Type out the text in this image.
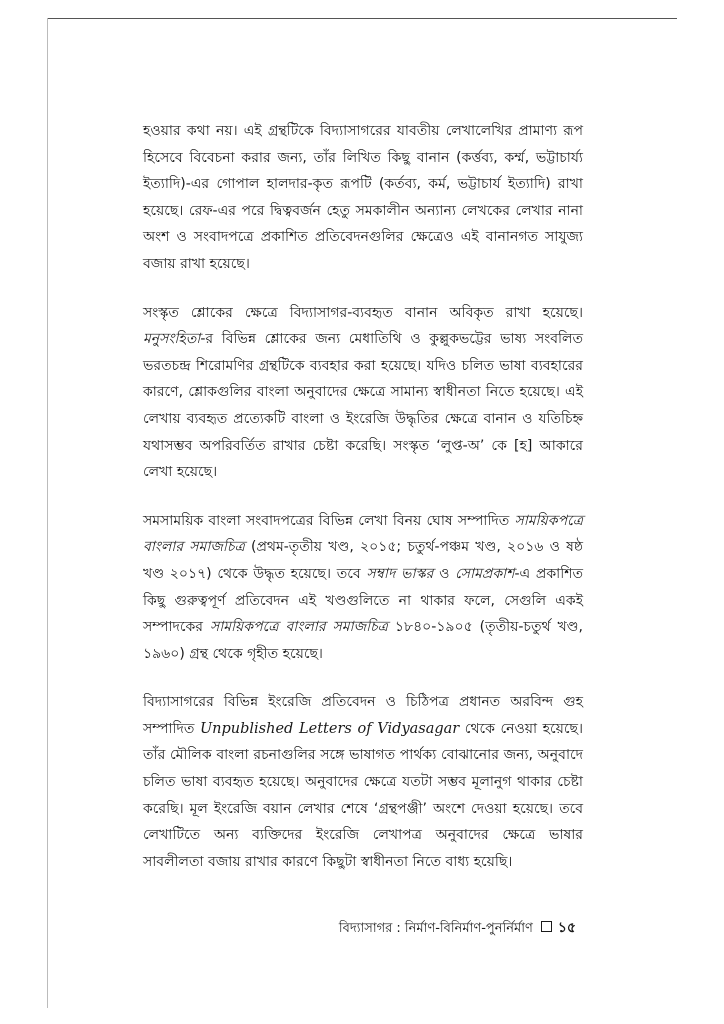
হওয়ার কথা নয়। এই গ্রন্থটিকে বিদ্যাসাগরের যাবতীয় লেখালেখির প্রামাণ্য রূপ হিসেবে বিবেচনা করার জন্য, তাঁর লিখিত কিছু বানান (কর্ত্তব্য, কর্ম্ম, ভট্টাচার্য্য ইত্যাদি)-এর গোপাল হালদার-কৃত রূপটি (কর্তব্য, কর্ম, ভট্টাচার্য ইত্যাদি) রাখা হয়েছে। রেফ-এর পরে দ্বিত্ববর্জন হেতু সমকালীন অন্যান্য লেখকের লেখার নানা অংশ ও সংবাদপত্রে প্রকাশিত প্রতিবেদনগুলির ক্ষেত্রেও এই বানানগত সাযুজ্য বজায় রাখা হয়েছে।

সংস্কৃত শ্লোকের ক্ষেত্রে বিদ্যাসাগর-ব্যবহৃত বানান অবিকৃত রাখা হয়েছে। মনুসংহিতা-র বিভিন্ন শ্লোকের জন্য মেধাতিথি ও কুল্লুকভট্টের ভাষ্য সংবলিত ভরতচন্দ্র শিরোমণির গ্রন্থটিকে ব্যবহার করা হয়েছে। যদিও চলিত ভাষা ব্যবহারের কারণে, শ্লোকগুলির বাংলা অনুবাদের ক্ষেত্রে সামান্য স্বাধীনতা নিতে হয়েছে। এই লেখায় ব্যবহৃত প্রত্যেকটি বাংলা ও ইংরেজি উদ্ধৃতির ক্ষেত্রে বানান ও যতিচিহ্ন যথাসম্ভব অপরিবর্তিত রাখার চেষ্টা করেছি। সংস্কৃত ‘লুপ্ত-অ’ কে [হ] আকারে লেখা হয়েছে।

সমসাময়িক বাংলা সংবাদপত্রের বিভিন্ন লেখা বিনয় ঘোষ সম্পাদিত সাময়িকপত্রে বাংলার সমাজচিত্র (প্রথম-তৃতীয় খণ্ড, ২০১৫; চতুর্থ-পঞ্চম খণ্ড, ২০১৬ ও ষষ্ঠ খণ্ড ২০১৭) থেকে উদ্ধৃত হয়েছে। তবে সম্বাদ ভাস্কর ও সোমপ্রকাশ-এ প্রকাশিত কিছু গুরুত্বপূর্ণ প্রতিবেদন এই খণ্ডগুলিতে না থাকার ফলে, সেগুলি একই সম্পাদকের সাময়িকপত্রে বাংলার সমাজচিত্র ১৮৪০-১৯০৫ (তৃতীয়-চতুর্থ খণ্ড, ১৯৬০) গ্রন্থ থেকে গৃহীত হয়েছে।

বিদ্যাসাগরের বিভিন্ন ইংরেজি প্রতিবেদন ও চিঠিপত্র প্রধানত অরবিন্দ গুহ সম্পাদিত Unpublished Letters of Vidyasagar থেকে নেওয়া হয়েছে। তাঁর মৌলিক বাংলা রচনাগুলির সঙ্গে ভাষাগত পার্থক্য বোঝানোর জন্য, অনুবাদে চলিত ভাষা ব্যবহৃত হয়েছে। অনুবাদের ক্ষেত্রে যতটা সম্ভব মূলানুগ থাকার চেষ্টা করেছি। মূল ইংরেজি বয়ান লেখার শেষে ‘গ্রন্থপঞ্জী’ অংশে দেওয়া হয়েছে। তবে লেখাটিতে অন্য ব্যক্তিদের ইংরেজি লেখাপত্র অনুবাদের ক্ষেত্রে ভাষার সাবলীলতা বজায় রাখার কারণে কিছুটা স্বাধীনতা নিতে বাধ্য হয়েছি।

বিদ্যাসাগর : নির্মাণ-বিনির্মাণ-পুনর্নির্মাণ ১৫
